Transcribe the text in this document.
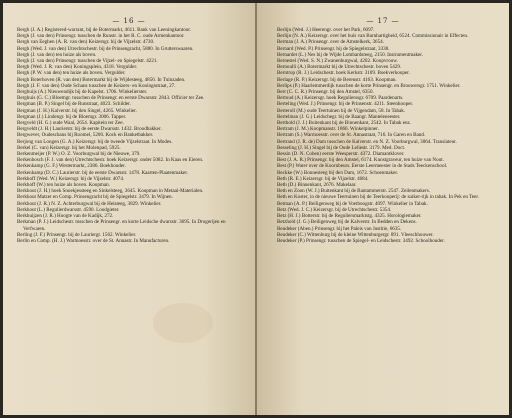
— 16 —

Bergh (J. A.) Registered-warrant, bij de Botermarkt, 4611. Bank van Leeningkantoor.

Bergh (J. van den) Prinsengr. tusschen de Runstr. in het R. C. oude Armenkantoor.

Bergh van Eeghen (A. R. van den) Keizersgr. bij de Vijzelstr. 4730.

Bergh (Wed. J. van den) Utrechtschestr. bij de Prinsengracht, 5880. In Grutterswaaren.

Bergh (J. van den) ten huize als boven.

Bergh (J. van den) Prinsengr. tusschen de Vijzel- en Spiegelstr. 4221.

Bergh (Wed. J. R. van den) Koningsplein, 4318. Vergulder.

Bergh (P. W. van den) ten huize als boven. Vergulder.

Bergh Boterhoven (R. van den) Botermarkt bij de Wijdesteeg, 4856. In Tuinzaden.

Bergh (J. F. van den) Oude Schans tusschen de Keizers- en Koningsstraat, 27.

Berghuijs (A.) Nieuwendijk bij de Kapelst. 1706. Winkelierster.

Berghuis (G. C.) Bloemgr. tusschen de Prinsengr. en eerste Dwarsstr. 2843. Officier ter Zee.

Bergman (B. P.) Singel bij de Runstraat, 4023. Schilder.

Bergman (J. H.) Kalverstr. bij den Singel, 4265. Winkelier.

Bergman (J.) Lindengr. bij de Bloemgr. 3006. Tapper.

Bergveld (H. G.) oude Waal, 2654. Kapitein ter Zee.

Bergveldt (J. H.) Laurierstr. bij de eerste Dwarsstr. 1432. Broodbakker.

Bergwever, Oudeschans bij Roomel, 5200. Kock en Banketbakker.

Berjong van Longen (G. A.) Keizersgr. bij de tweede Vijzelstraat. In Modes.

Berkel (C. van) Keizersgr. bij het Molenpad, 5925.

Berkenmeijer (P. W.) O. Z. Voorburgwal bij de Nieuwe, 379.

Berkenbosch (F. J. van den) Utrechtschestr. hoek Keizersgr. onder 5082. In Kaas en Eieren.

Berkenkamp (G. F.) Westermarkt, 2386. Boekhouder.

Berkenkamp (D. C.) Laurierstr. bij de eerste Dwarsstr. 1478. Kaarten-Plaatenmaker.

Berkhoff (Wed. W.) Keizersgr. bij de Vijzelstr. 4074.

Berkhoff (W.) ten huize als boven. Koopman.

Berkhout (J. H.) hoek Snoekjessteeg en Sinkelsteeg, 3645. Koopman in Metaal-Materialen.

Berkhout Matzer en Comp. Prinsengracht bij de Spiegelstr. 3479. In Wijnen.

Berkhout (J. R.) N. Z. Achterburgwal bij de Heisteeg, 3829. Winkelier.

Berkhout (L.) Regulierdwarsstr. 4590. Loodgieter.

Berkhuijzen (J. R.) Hoogte van de Kadijk, 272.

Berkman (P. J.) Leidschestr. tusschen de Prinsengr. en korte Leidsche dwarsstr. 3695. In Drogerijen en Verfwaren.

Berling (J. F.) Prinsengr. bij de Lauriergr. 1562. Winkelier.

Berlin en Comp. (H. J.) Warmoesstr. over de St. Annastr. In Manufacturen.

— 17 —

Berlijn (Wed. J.) Heerengr. over het Park, 6097.

Berlijn (N. A.) Keizersgr. over het huis van Barnhartigheid, 6524. Commissionair in Effecten.

Berman (J. A.) Prinsengr. over de Amstelkerk, 3654.

Bernard (Wed. P.) Prinsengr. bij de Spiegelstraat, 3338.

Bernardet (L.) Nes bij de Wijde Lombardsteeg, 2150. Instrumentmaker.

Bernestel (Wed. S. N.) Zwanenburgwal, 4202. Koopvrouw.

Bernoulli (A.) Botermarkt bij de Utrechtschestr. boven 5429.

Berntrop (R. J.) Leidschestr. hoek Kerkstr. 3109. Boekverkooper.

Berlage (R. P.) Keizersgr. bij de Berenstr. 4163. Koopman.

Berlips (P.) Haarlemmerdijk tusschen de korte Prinsengr. en Brouwersgr. 1751. Winkelier.

Bert (C. C. R.) Prinsengr. bij den Amstel, 6350.

Bertoud (A.) Keizersgr. hoek Regulierssgr. 6709. Paardenarts.

Berteling (Wed. J.) Prinsengr. bij de Prinsenstr. 4211. Steenhooper.

Berteroll (M.) oude Teertuinen bij de Vijgendam, 58. In Tabak.

Bertelman (J. G.) Leidschegr. bij de Baangr. Manteleneester.

Berthold (J. J.) Buitenkant bij de Binnenkant, 2542. In Tabak enz.

Bertram (J. M.) Koopmanstr. 1866. Winkelpinner.

Bertram (S.) Warmoesstr. over de St. Annastraat, 716. In Garen en Band.

Bertrand (J. R. de) Dam tusschen de Kalverstr. en N. Z. Voorburgwal, 3064. Translateur.

Besseling (J. H.) Singel bij de Oude Leliestr. 3179. Med. Doct.

Bessin (D. N. Cohen) eerste Weesperstr. 4372. Diamantklover.

Best (J. A. R.) Prinsengr. bij den Amstel, 6174. Kunstgraveur, ten huize van Nout.

Best (P.) Water over de Koornbeurs. Eerste Leermeester in de Stads Teeckenschool.

Beckke (W.) Bonnesteeg bij den Dam, 1672. Schoenmaker.

Beth (R. E.) Keizersgr. bij de Vijzelstr. 4684.

Beth (D.) Binnenkant, 2676. Makelaar.

Beth en Zoon (W. J.) Buitenkant bij de Bantammerstr. 2547. Zeilenmakers.

Beth en Koster, in de nieuwe Teertuinen bij de Teerkooperij: de suiker-rijk in tabak. In Pek en Teer.

Betman (A. P.) Beiligenweg bij de Voetboogstr. 4097. Winkelier in Tabak.

Betz (Wed. J. C.) Keizersgr. bij de Utrechtschestr. 5354.

Betz (H. J.) Botterstr. bij de Reguliersmarktstg. 4325. Horologiemaker.

Betzhold (J. G.) Beiligenweg bij de Kalverstr. In Bedden en Dekens.

Beudeker (Aben.) Prinsengr. bij het Paleis van Justitie, 6635.

Beudeker (C.) Wittenburg bij de kleine Wittenburgergr. 891. Vleeschhouwer.

Beudeker (P.) Prinsengr. tusschen de Spiegel- en Leidschestr. 3492. Schoolhouder.
